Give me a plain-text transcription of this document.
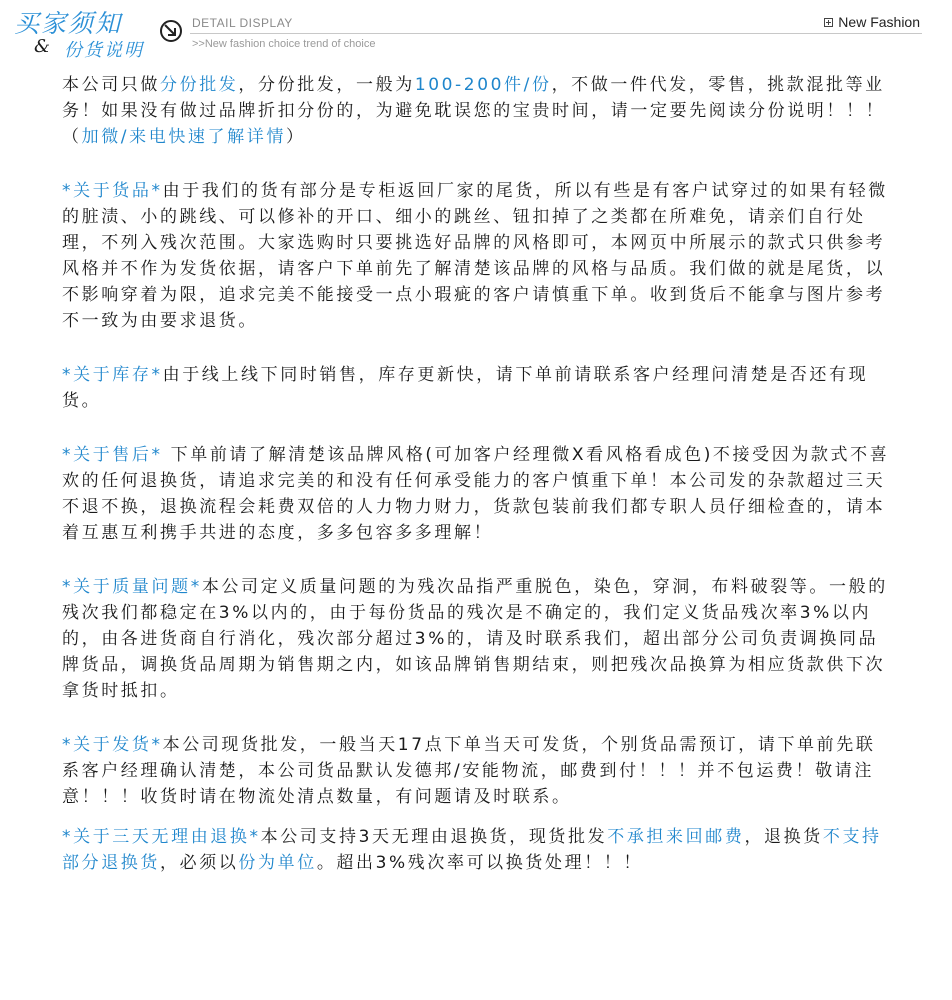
买家须知
& 份货说明
DETAIL DISPLAY
>>New fashion choice trend of choice
New Fashion

本公司只做分份批发，分份批发，一般为100-200件/份，不做一件代发，零售，挑款混批等业务！如果没有做过品牌折扣分份的，为避免耽误您的宝贵时间，请一定要先阅读分份说明！！！（加微/来电快速了解详情）

*关于货品*由于我们的货有部分是专柜返回厂家的尾货，所以有些是有客户试穿过的如果有轻微的脏渍、小的跳线、可以修补的开口、细小的跳丝、钮扣掉了之类都在所难免，请亲们自行处理，不列入残次范围。大家选购时只要挑选好品牌的风格即可，本网页中所展示的款式只供参考风格并不作为发货依据，请客户下单前先了解清楚该品牌的风格与品质。我们做的就是尾货，以不影响穿着为限，追求完美不能接受一点小瑕疵的客户请慎重下单。收到货后不能拿与图片参考不一致为由要求退货。

*关于库存*由于线上线下同时销售，库存更新快，请下单前请联系客户经理问清楚是否还有现货。

*关于售后* 下单前请了解清楚该品牌风格(可加客户经理微X看风格看成色)不接受因为款式不喜欢的任何退换货，请追求完美的和没有任何承受能力的客户慎重下单！本公司发的杂款超过三天不退不换，退换流程会耗费双倍的人力物力财力，货款包装前我们都专职人员仔细检查的，请本着互惠互利携手共进的态度，多多包容多多理解！

*关于质量问题*本公司定义质量问题的为残次品指严重脱色，染色，穿洞，布料破裂等。一般的残次我们都稳定在3%以内的，由于每份货品的残次是不确定的，我们定义货品残次率3%以内的，由各进货商自行消化，残次部分超过3%的，请及时联系我们，超出部分公司负责调换同品牌货品，调换货品周期为销售期之内，如该品牌销售期结束，则把残次品换算为相应货款供下次拿货时抵扣。

*关于发货*本公司现货批发，一般当天17点下单当天可发货，个别货品需预订，请下单前先联系客户经理确认清楚，本公司货品默认发德邦/安能物流，邮费到付！！！并不包运费！敬请注意！！！收货时请在物流处清点数量，有问题请及时联系。

*关于三天无理由退换*本公司支持3天无理由退换货，现货批发不承担来回邮费，退换货不支持部分退换货，必须以份为单位。超出3%残次率可以换货处理！！！
